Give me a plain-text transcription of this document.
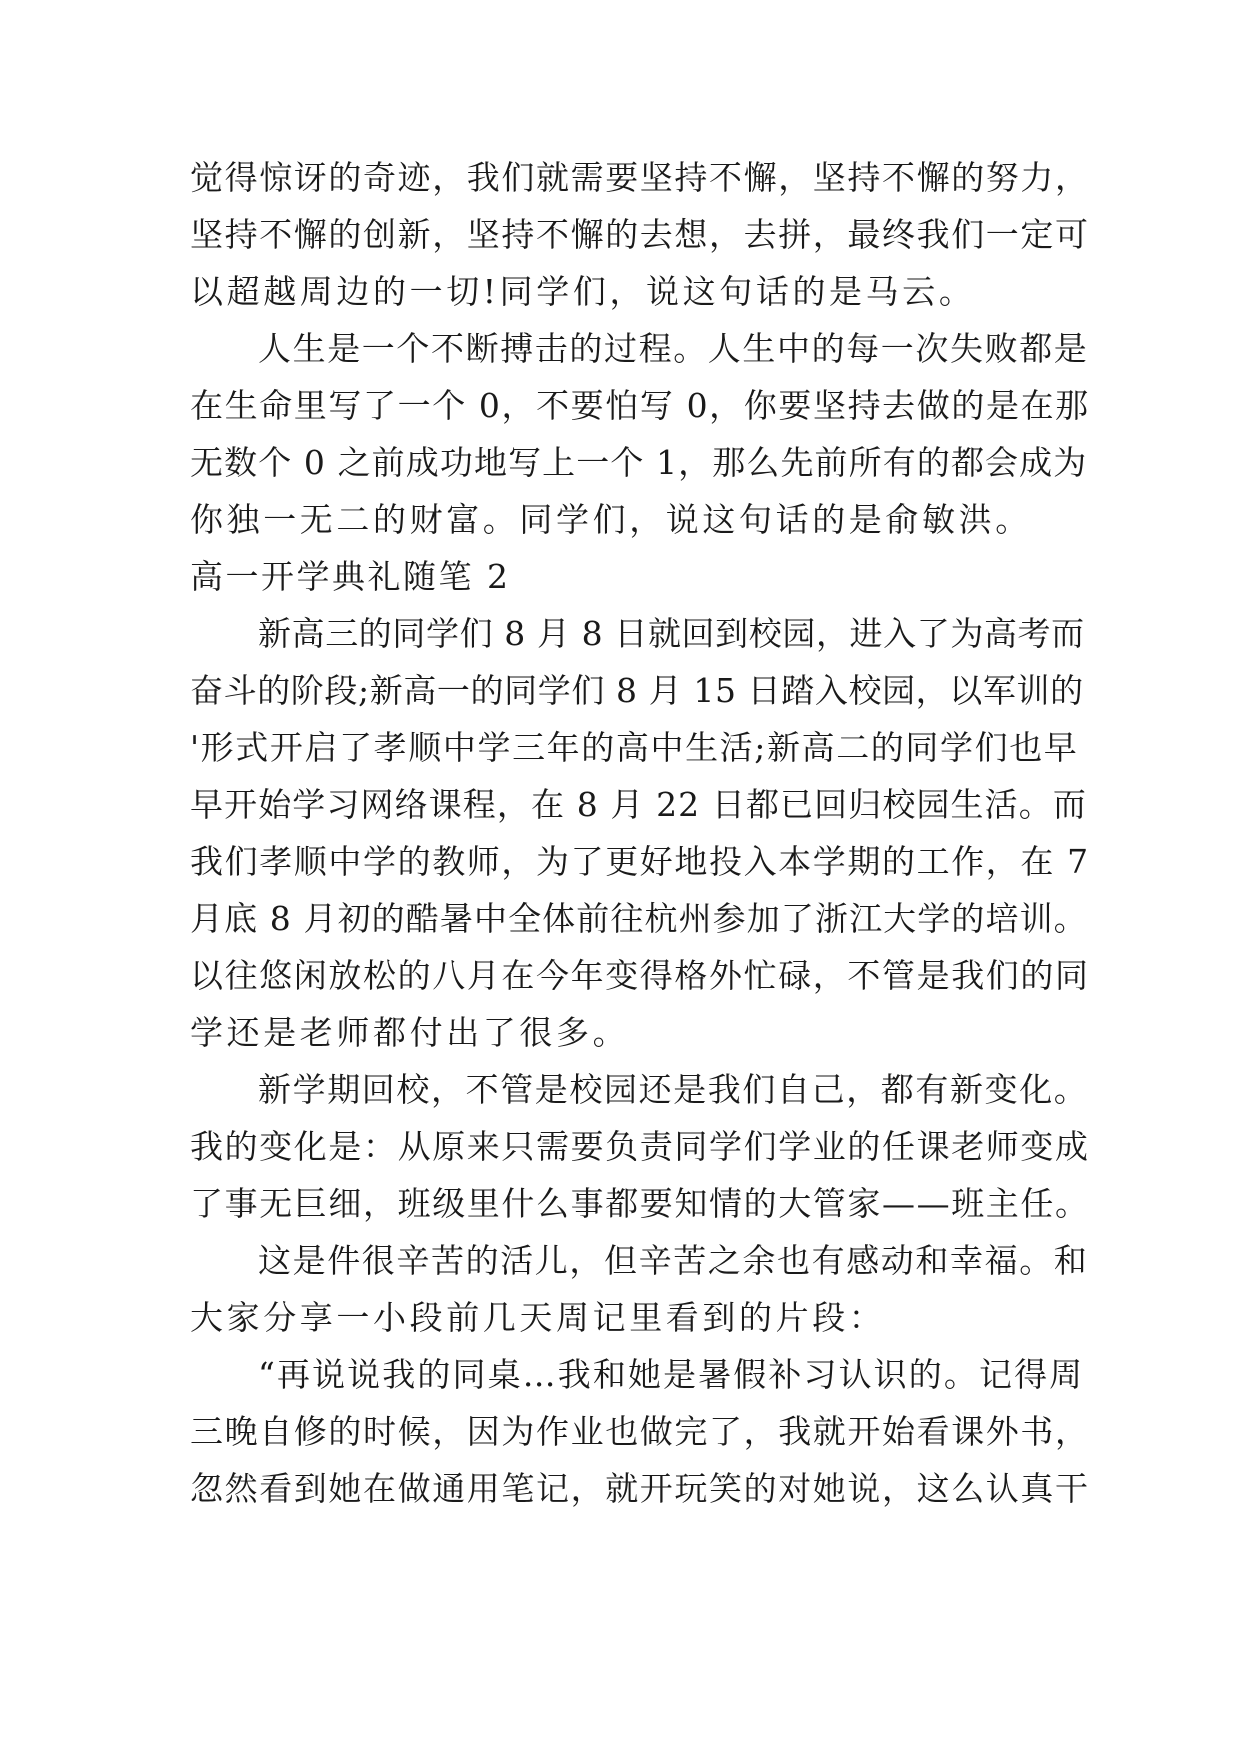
觉得惊讶的奇迹，我们就需要坚持不懈，坚持不懈的努力，
坚持不懈的创新，坚持不懈的去想，去拼，最终我们一定可
以超越周边的一切!同学们，说这句话的是马云。
人生是一个不断搏击的过程。人生中的每一次失败都是
在生命里写了一个 0，不要怕写 0，你要坚持去做的是在那
无数个 0 之前成功地写上一个 1，那么先前所有的都会成为
你独一无二的财富。同学们，说这句话的是俞敏洪。
高一开学典礼随笔 2
新高三的同学们 8 月 8 日就回到校园，进入了为高考而
奋斗的阶段;新高一的同学们 8 月 15 日踏入校园，以军训的
'形式开启了孝顺中学三年的高中生活;新高二的同学们也早
早开始学习网络课程，在 8 月 22 日都已回归校园生活。而
我们孝顺中学的教师，为了更好地投入本学期的工作，在 7
月底 8 月初的酷暑中全体前往杭州参加了浙江大学的培训。
以往悠闲放松的八月在今年变得格外忙碌，不管是我们的同
学还是老师都付出了很多。
新学期回校，不管是校园还是我们自己，都有新变化。
我的变化是：从原来只需要负责同学们学业的任课老师变成
了事无巨细，班级里什么事都要知情的大管家——班主任。
这是件很辛苦的活儿，但辛苦之余也有感动和幸福。和
大家分享一小段前几天周记里看到的片段：
“再说说我的同桌…我和她是暑假补习认识的。记得周
三晚自修的时候，因为作业也做完了，我就开始看课外书，
忽然看到她在做通用笔记，就开玩笑的对她说，这么认真干
